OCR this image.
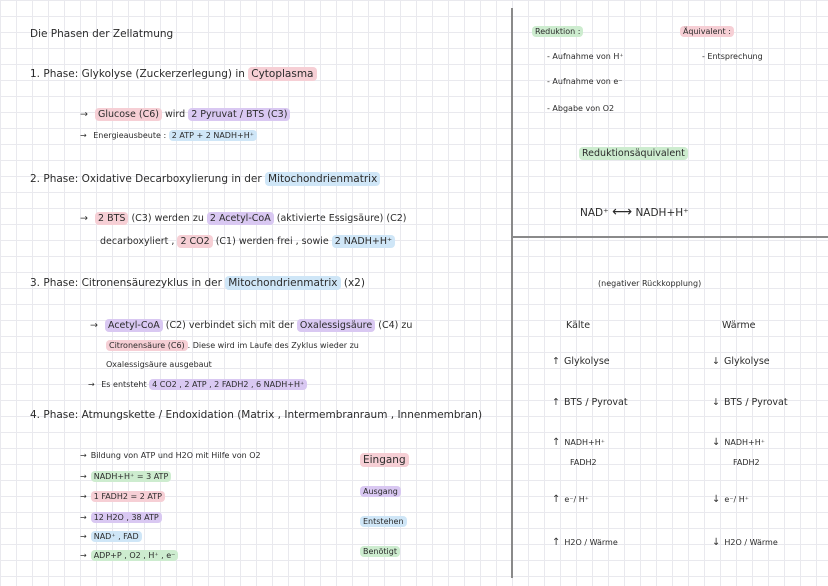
Die Phasen der Zellatmung
1. Phase: Glykolyse (Zuckerzerlegung) in Cytoplasma
→ Glucose (C6) wird 2 Pyruvat / BTS (C3)
→ Energieausbeute : 2 ATP + 2 NADH+H⁺
2. Phase: Oxidative Decarboxylierung in der Mitochondrienmatrix
→ 2 BTS (C3) werden zu 2 Acetyl-CoA (aktivierte Essigsäure) (C2)
decarboxyliert , 2 CO2 (C1) werden frei , sowie 2 NADH+H⁺
3. Phase: Citronensäurezyklus in der Mitochondrienmatrix (x2)
→ Acetyl-CoA (C2) verbindet sich mit der Oxalessigsäure (C4) zu
Citronensäure (C6) . Diese wird im Laufe des Zyklus wieder zu
Oxalessigsäure ausgebaut
→ Es entsteht 4 CO2 , 2 ATP , 2 FADH2 , 6 NADH+H⁺
4. Phase: Atmungskette / Endoxidation (Matrix , Intermembranraum , Innenmembran)
→ Bildung von ATP und H2O mit Hilfe von O2
→ NADH+H⁺ = 3 ATP
→ 1 FADH2 = 2 ATP
→ 12 H2O , 38 ATP
→ NAD⁺ , FAD
→ ADP+P , O2 , H⁺ , e⁻
Eingang
Ausgang
Entstehen
Benötigt
Reduktion :
- Aufnahme von H⁺
- Aufnahme von e⁻
- Abgabe von O2
Äquivalent :
- Entsprechung
Reduktionsäquivalent
NAD⁺ ⟷ NADH+H⁺
(negativer Rückkopplung)
Kälte	Wärme
↑ Glykolyse
↑ BTS / Pyrovat
↑ NADH+H⁺
FADH2
↑ e⁻/ H⁺
↑ H2O / Wärme
↓ Glykolyse
↓ BTS / Pyrovat
↓ NADH+H⁺
FADH2
↓ e⁻/ H⁺
↓ H2O / Wärme
